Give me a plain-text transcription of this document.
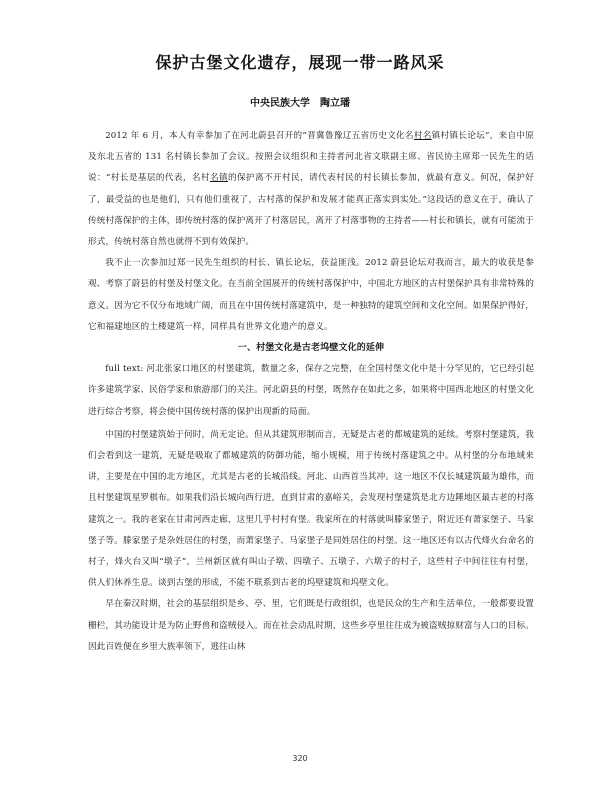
保护古堡文化遗存，展现一带一路风采

中央民族大学　陶立璠

2012 年 6 月，本人有幸参加了在河北蔚县召开的“晋冀鲁豫辽五省历史文化名村名镇村镇长论坛”，来自中原及东北五省的 131 名村镇长参加了会议。按照会议组织和主持者河北省文联副主席、省民协主席郑一民先生的话说：“村长是基层的代表，名村名镇的保护离不开村民，请代表村民的村长镇长参加，就最有意义。何况，保护好了，最受益的也是他们，只有他们重视了，古村落的保护和发展才能真正落实到实处。”这段话的意义在于，确认了传统村落保护的主体，即传统村落的保护离开了村落居民，离开了村落事物的主持者——村长和镇长，就有可能流于形式，传统村落自然也就得不到有效保护。

我不止一次参加过郑一民先生组织的村长、镇长论坛，获益匪浅。2012 蔚县论坛对我而言，最大的收获是参观、考察了蔚县的村堡及村堡文化。在当前全国展开的传统村落保护中，中国北方地区的古村堡保护具有非常特殊的意义。因为它不仅分布地域广阔，而且在中国传统村落建筑中，是一种独特的建筑空间和文化空间。如果保护得好，它和福建地区的土楼建筑一样，同样具有世界文化遗产的意义。

一、村堡文化是古老坞壁文化的延伸

full text: 河北张家口地区的村堡建筑，数量之多，保存之完整，在全国村堡文化中是十分罕见的，它已经引起许多建筑学家、民俗学家和旅游部门的关注。河北蔚县的村堡，既然存在如此之多，如果将中国西北地区的村堡文化进行综合考察，将会使中国传统村落的保护出现新的局面。

中国的村堡建筑始于何时，尚无定论。但从其建筑形制而言，无疑是古老的都城建筑的延续。考察村堡建筑，我们会看到这一建筑，无疑是吸取了都城建筑的防御功能，缩小规模，用于传统村落建筑之中。从村堡的分布地域来讲，主要是在中国的北方地区，尤其是古老的长城沿线。河北、山西首当其冲。这一地区不仅长城建筑最为雄伟，而且村堡建筑星罗棋布。如果我们沿长城向西行进，直到甘肃的嘉峪关，会发现村堡建筑是北方边陲地区最古老的村落建筑之一。我的老家在甘肃河西走廊，这里几乎村村有堡。我家所在的村落就叫滕家堡子，附近还有萧家堡子、马家堡子等。滕家堡子是杂姓居住的村堡，而萧家堡子、马家堡子是同姓居住的村堡。这一地区还有以古代烽火台命名的村子，烽火台又叫“墩子”，兰州新区就有叫山子墩、四墩子、五墩子、六墩子的村子，这些村子中间往往有村堡，供人们休养生息。谈到古堡的形成，不能不联系到古老的坞壁建筑和坞壁文化。

早在秦汉时期，社会的基层组织是乡、亭、里，它们既是行政组织，也是民众的生产和生活单位，一般都要设置栅栏，其功能设计是为防止野兽和盗贼侵入。而在社会动乱时期，这些乡亭里往往成为被盗贼掠财富与人口的目标。因此百姓便在乡里大族率领下，逃往山林

320
